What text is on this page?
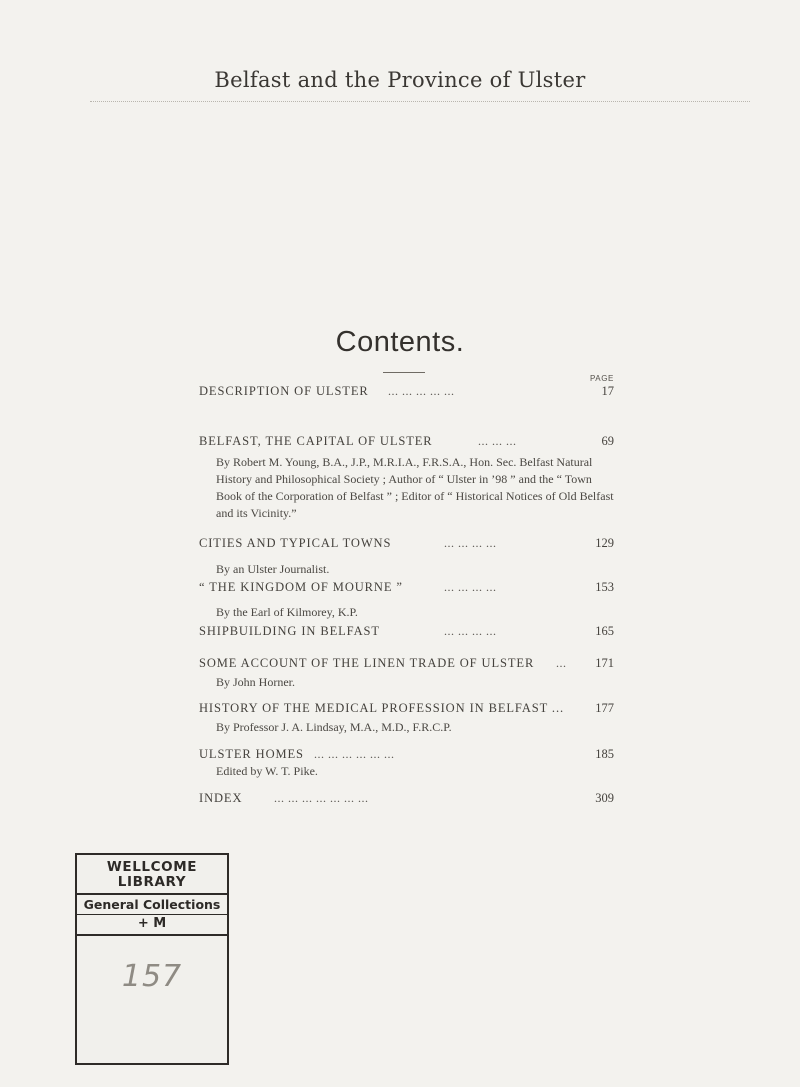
Belfast and the Province of Ulster
Contents.
PAGE
DESCRIPTION OF ULSTER ... ... ... ... ...	17
BELFAST, THE CAPITAL OF ULSTER	... ... ...	69
By Robert M. Young, B.A., J.P., M.R.I.A., F.R.S.A., Hon. Sec. Belfast Natural History and Philosophical Society ; Author of “ Ulster in ’98 ” and the “ Town Book of the Corporation of Belfast ” ; Editor of “ Historical Notices of Old Belfast and its Vicinity.”
CITIES AND TYPICAL TOWNS	... ... ... ...	129
By an Ulster Journalist.
“ THE KINGDOM OF MOURNE ”	... ... ... ...	153
By the Earl of Kilmorey, K.P.
SHIPBUILDING IN BELFAST	... ... ... ...	165
SOME ACCOUNT OF THE LINEN TRADE OF ULSTER ...	171
By John Horner.
HISTORY OF THE MEDICAL PROFESSION IN BELFAST ...	177
By Professor J. A. Lindsay, M.A., M.D., F.R.C.P.
ULSTER HOMES ... ... ... ... ... ...	185
Edited by W. T. Pike.
INDEX	... ... ... ... ... ... ...	309
WELLCOME
LIBRARY
General Collections
+ M
157
